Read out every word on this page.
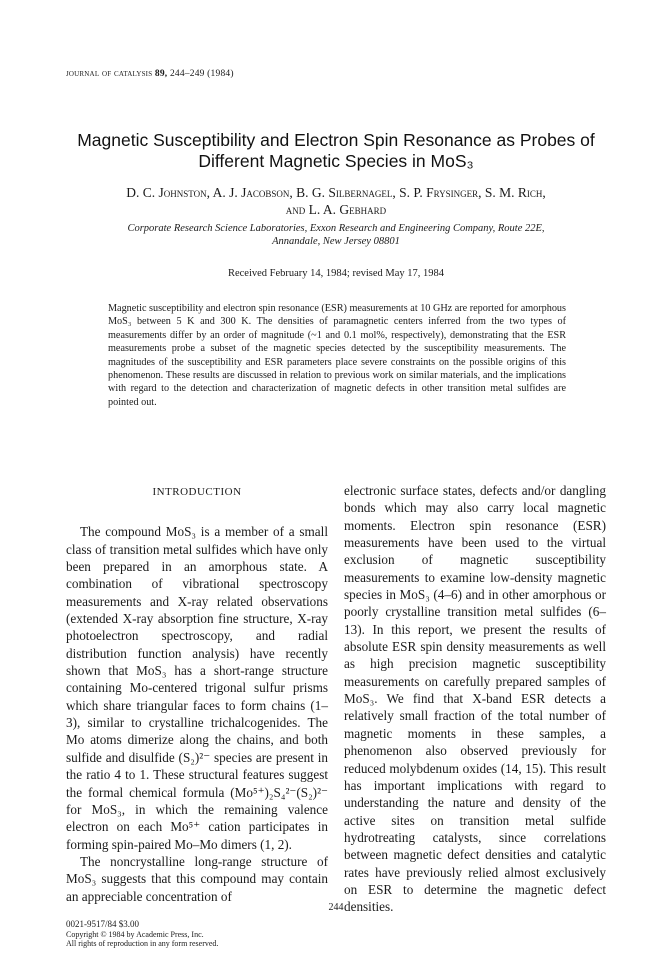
journal of catalysis 89, 244–249 (1984)
Magnetic Susceptibility and Electron Spin Resonance as Probes of
Different Magnetic Species in MoS₃
D. C. Johnston, A. J. Jacobson, B. G. Silbernagel, S. P. Frysinger, S. M. Rich,
and L. A. Gebhard
Corporate Research Science Laboratories, Exxon Research and Engineering Company, Route 22E,
Annandale, New Jersey 08801
Received February 14, 1984; revised May 17, 1984
Magnetic susceptibility and electron spin resonance (ESR) measurements at 10 GHz are reported for amorphous MoS₃ between 5 K and 300 K. The densities of paramagnetic centers inferred from the two types of measurements differ by an order of magnitude (~1 and 0.1 mol%, respectively), demonstrating that the ESR measurements probe a subset of the magnetic species detected by the susceptibility measurements. The magnitudes of the susceptibility and ESR parameters place severe constraints on the possible origins of this phenomenon. These results are discussed in relation to previous work on similar materials, and the implications with regard to the detection and characterization of magnetic defects in other transition metal sulfides are pointed out.
INTRODUCTION

The compound MoS₃ is a member of a small class of transition metal sulfides which have only been prepared in an amorphous state. A combination of vibrational spectroscopy measurements and X-ray related observations (extended X-ray absorption fine structure, X-ray photoelectron spectroscopy, and radial distribution function analysis) have recently shown that MoS₃ has a short-range structure containing Mo-centered trigonal sulfur prisms which share triangular faces to form chains (1–3), similar to crystalline trichalcogenides. The Mo atoms dimerize along the chains, and both sulfide and disulfide (S₂)²⁻ species are present in the ratio 4 to 1. These structural features suggest the formal chemical formula (Mo⁵⁺)₂S₄²⁻(S₂)²⁻ for MoS₃, in which the remaining valence electron on each Mo⁵⁺ cation participates in forming spin-paired Mo–Mo dimers (1, 2).

The noncrystalline long-range structure of MoS₃ suggests that this compound may contain an appreciable concentration of

electronic surface states, defects and/or dangling bonds which may also carry local magnetic moments. Electron spin resonance (ESR) measurements have been used to the virtual exclusion of magnetic susceptibility measurements to examine low-density magnetic species in MoS₃ (4–6) and in other amorphous or poorly crystalline transition metal sulfides (6–13). In this report, we present the results of absolute ESR spin density measurements as well as high precision magnetic susceptibility measurements on carefully prepared samples of MoS₃. We find that X-band ESR detects a relatively small fraction of the total number of magnetic moments in these samples, a phenomenon also observed previously for reduced molybdenum oxides (14, 15). This result has important implications with regard to understanding the nature and density of the active sites on transition metal sulfide hydrotreating catalysts, since correlations between magnetic defect densities and catalytic rates have previously relied almost exclusively on ESR to determine the magnetic defect densities.

244
0021-9517/84 $3.00
Copyright © 1984 by Academic Press, Inc.
All rights of reproduction in any form reserved.
